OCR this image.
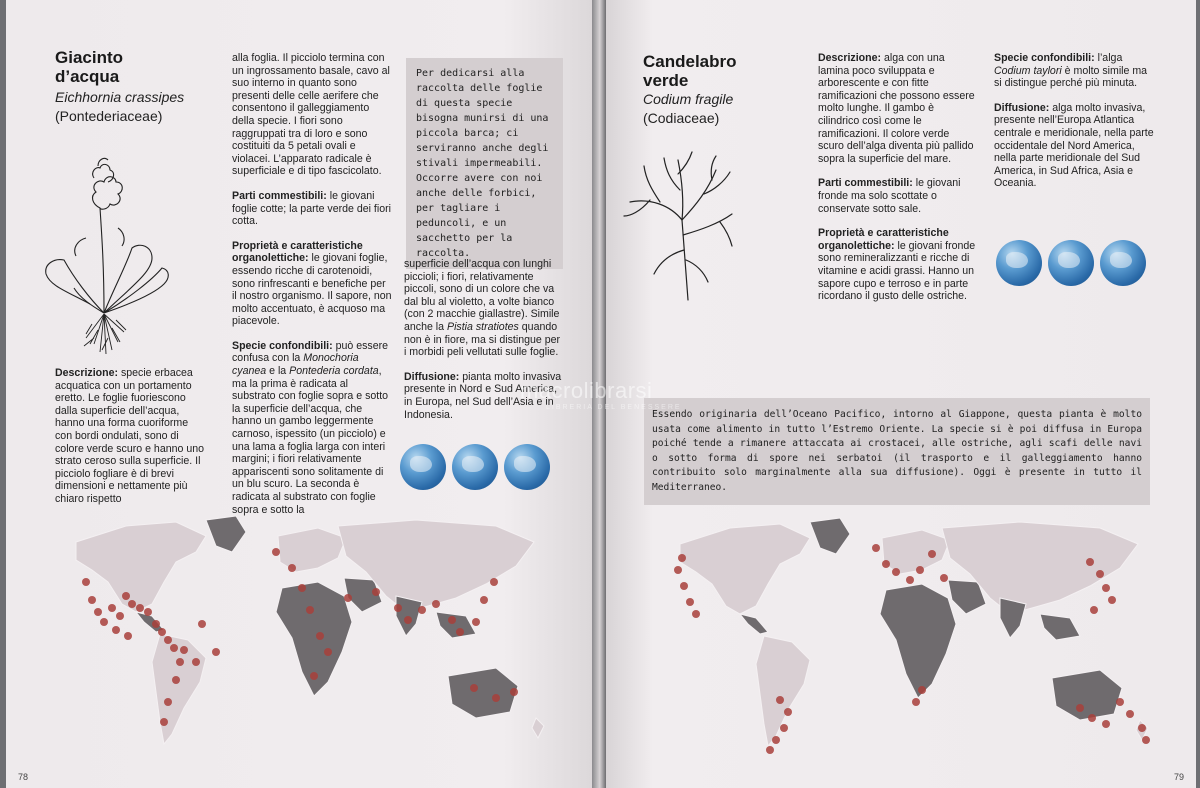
Giacinto
d’acqua
Eichhornia crassipes
(Pontederiaceae)
Descrizione: specie erbacea acquatica con un portamento eretto. Le foglie fuoriescono dalla superficie dell’acqua, hanno una forma cuoriforme con bordi ondulati, sono di colore verde scuro e hanno uno strato ceroso sulla superficie. Il picciolo fogliare è di brevi dimensioni e nettamente più chiaro rispetto
alla foglia. Il picciolo termina con un ingrossamento basale, cavo al suo interno in quanto sono presenti delle celle aerifere che consentono il galleggiamento della specie. I fiori sono raggruppati tra di loro e sono costituiti da 5 petali ovali e violacei. L’apparato radicale è superficiale e di tipo fascicolato.
Parti commestibili: le giovani foglie cotte; la parte verde dei fiori cotta.
Proprietà e caratteristiche organolettiche: le giovani foglie, essendo ricche di carotenoidi, sono rinfrescanti e benefiche per il nostro organismo. Il sapore, non molto accentuato, è acquoso ma piacevole.
Specie confondibili: può essere confusa con la Monochoria cyanea e la Pontederia cordata, ma la prima è radicata al substrato con foglie sopra e sotto la superficie dell’acqua, che hanno un gambo leggermente carnoso, ispessito (un picciolo) e una lama a foglia larga con interi margini; i fiori relativamente appariscenti sono solitamente di un blu scuro. La seconda è radicata al substrato con foglie sopra e sotto la
Per dedicarsi alla raccolta delle foglie di questa specie bisogna munirsi di una piccola barca; ci serviranno anche degli stivali impermeabili. Occorre avere con noi anche delle forbici, per tagliare i peduncoli, e un sacchetto per la raccolta.
superficie dell’acqua con lunghi piccioli; i fiori, relativamente piccoli, sono di un colore che va dal blu al violetto, a volte bianco (con 2 macchie giallastre). Simile anche la Pistia stratiotes quando non è in fiore, ma si distingue per i morbidi peli vellutati sulle foglie.
Diffusione: pianta molto invasiva presente in Nord e Sud America, in Europa, nel Sud dell’Asia e in Indonesia.
78
Candelabro
verde
Codium fragile
(Codiaceae)
Descrizione: alga con una lamina poco sviluppata e arborescente e con fitte ramificazioni che possono essere molto lunghe. Il gambo è cilindrico così come le ramificazioni. Il colore verde scuro dell’alga diventa più pallido sopra la superficie del mare.
Parti commestibili: le giovani fronde ma solo scottate o conservate sotto sale.
Proprietà e caratteristiche organolettiche: le giovani fronde sono remineralizzanti e ricche di vitamine e acidi grassi. Hanno un sapore cupo e terroso e in parte ricordano il gusto delle ostriche.
Specie confondibili: l’alga Codium taylori è molto simile ma si distingue perché più minuta.
Diffusione: alga molto invasiva, presente nell’Europa Atlantica centrale e meridionale, nella parte occidentale del Nord America, nella parte meridionale del Sud America, in Sud Africa, Asia e Oceania.
Essendo originaria dell’Oceano Pacifico, intorno al Giappone, questa pianta è molto usata come alimento in tutto l’Estremo Oriente. La specie si è poi diffusa in Europa poiché tende a rimanere attaccata ai crostacei, alle ostriche, agli scafi delle navi o sotto forma di spore nei serbatoi (il trasporto e il galleggiamento hanno contribuito solo marginalmente alla sua diffusione). Oggi è presente in tutto il Mediterraneo.
79
macrolibrarsi
LIBRERIA DEL BENESSERE
